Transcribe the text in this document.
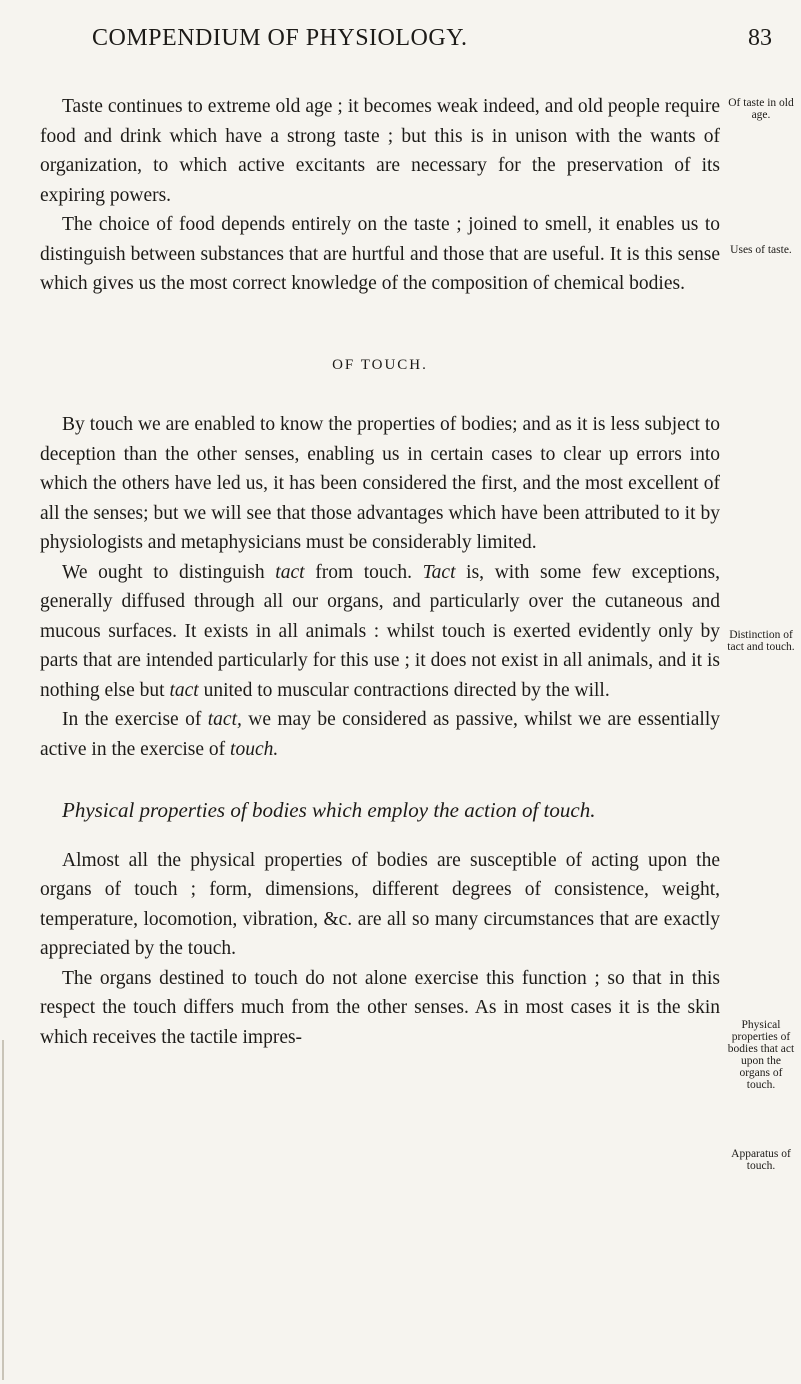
COMPENDIUM OF PHYSIOLOGY.	83

Taste continues to extreme old age ; it becomes weak indeed, and old people require food and drink which have a strong taste ; but this is in unison with the wants of organization, to which active excitants are necessary for the preservation of its expiring powers.

The choice of food depends entirely on the taste ; joined to smell, it enables us to distinguish between substances that are hurtful and those that are useful. It is this sense which gives us the most correct knowledge of the composition of chemical bodies.

OF TOUCH.

By touch we are enabled to know the properties of bodies; and as it is less subject to deception than the other senses, enabling us in certain cases to clear up errors into which the others have led us, it has been considered the first, and the most excellent of all the senses; but we will see that those advantages which have been attributed to it by physiologists and metaphysicians must be considerably limited.

We ought to distinguish tact from touch. Tact is, with some few exceptions, generally diffused through all our organs, and particularly over the cutaneous and mucous surfaces. It exists in all animals : whilst touch is exerted evidently only by parts that are intended particularly for this use ; it does not exist in all animals, and it is nothing else but tact united to muscular contractions directed by the will.

In the exercise of tact, we may be considered as passive, whilst we are essentially active in the exercise of touch.

Physical properties of bodies which employ the action of touch.

Almost all the physical properties of bodies are susceptible of acting upon the organs of touch ; form, dimensions, different degrees of consistence, weight, temperature, locomotion, vibration, &c. are all so many circumstances that are exactly appreciated by the touch.

The organs destined to touch do not alone exercise this function ; so that in this respect the touch differs much from the other senses. As in most cases it is the skin which receives the tactile impres-

Of taste in old age.
Uses of taste.
Distinction of tact and touch.
Physical properties of bodies that act upon the organs of touch.
Apparatus of touch.
